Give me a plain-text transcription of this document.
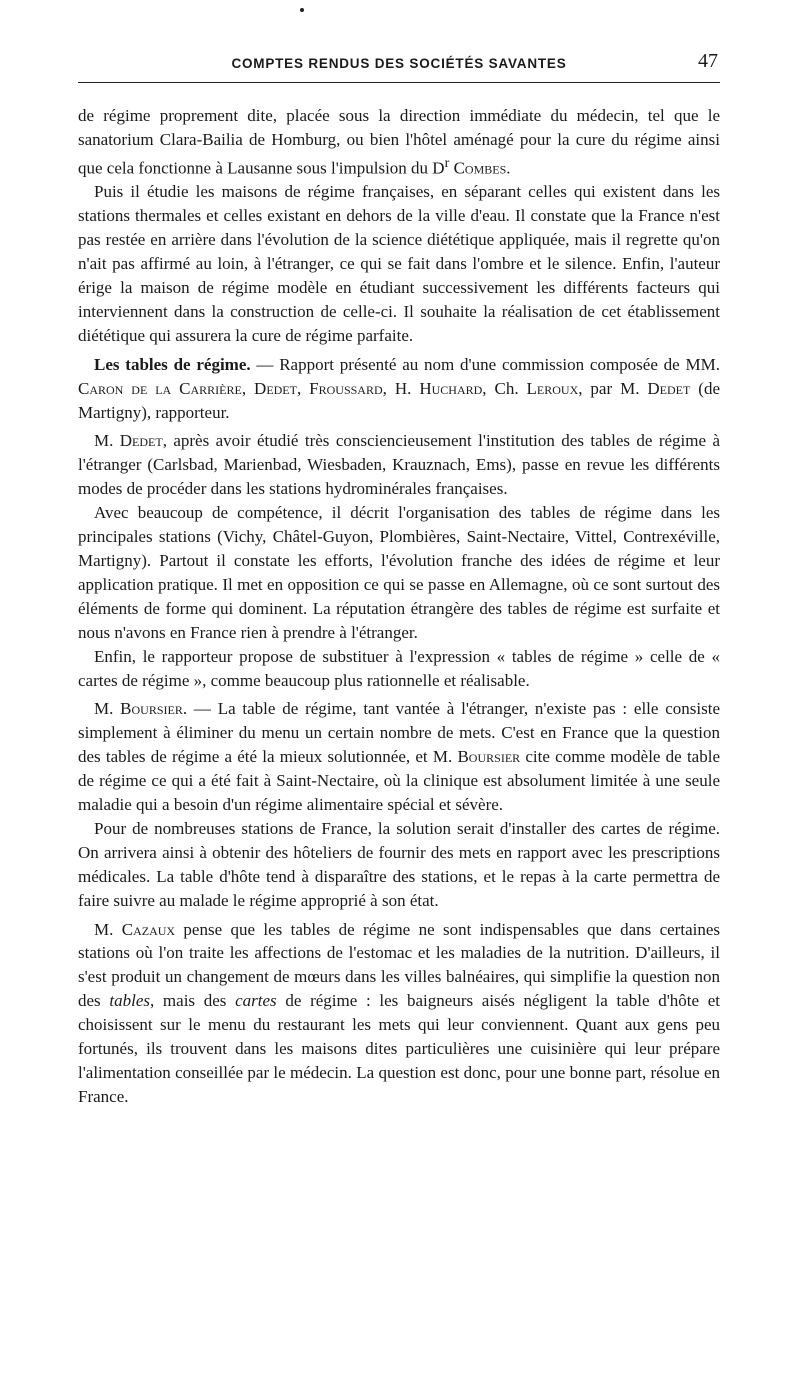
COMPTES RENDUS DES SOCIÉTÉS SAVANTES	47

de régime proprement dite, placée sous la direction immédiate du médecin, tel que le sanatorium Clara-Bailia de Homburg, ou bien l'hôtel aménagé pour la cure du régime ainsi que cela fonctionne à Lausanne sous l'impulsion du $D^r$ Combes.

Puis il étudie les maisons de régime françaises, en séparant celles qui existent dans les stations thermales et celles existant en dehors de la ville d'eau. Il constate que la France n'est pas restée en arrière dans l'évolution de la science diététique appliquée, mais il regrette qu'on n'ait pas affirmé au loin, à l'étranger, ce qui se fait dans l'ombre et le silence. Enfin, l'auteur érige la maison de régime modèle en étudiant successivement les différents facteurs qui interviennent dans la construction de celle-ci. Il souhaite la réalisation de cet établissement diététique qui assurera la cure de régime parfaite.

Les tables de régime. — Rapport présenté au nom d'une commission composée de MM. Caron de la Carrière, Dedet, Froussard, H. Huchard, Ch. Leroux, par M. Dedet (de Martigny), rapporteur.

M. Dedet, après avoir étudié très consciencieusement l'institution des tables de régime à l'étranger (Carlsbad, Marienbad, Wiesbaden, Krauznach, Ems), passe en revue les différents modes de procéder dans les stations hydrominérales françaises.

Avec beaucoup de compétence, il décrit l'organisation des tables de régime dans les principales stations (Vichy, Châtel-Guyon, Plombières, Saint-Nectaire, Vittel, Contrexéville, Martigny). Partout il constate les efforts, l'évolution franche des idées de régime et leur application pratique. Il met en opposition ce qui se passe en Allemagne, où ce sont surtout des éléments de forme qui dominent. La réputation étrangère des tables de régime est surfaite et nous n'avons en France rien à prendre à l'étranger.

Enfin, le rapporteur propose de substituer à l'expression « tables de régime » celle de « cartes de régime », comme beaucoup plus rationnelle et réalisable.

M. Boursier. — La table de régime, tant vantée à l'étranger, n'existe pas : elle consiste simplement à éliminer du menu un certain nombre de mets. C'est en France que la question des tables de régime a été la mieux solutionnée, et M. Boursier cite comme modèle de table de régime ce qui a été fait à Saint-Nectaire, où la clinique est absolument limitée à une seule maladie qui a besoin d'un régime alimentaire spécial et sévère.

Pour de nombreuses stations de France, la solution serait d'installer des cartes de régime. On arrivera ainsi à obtenir des hôteliers de fournir des mets en rapport avec les prescriptions médicales. La table d'hôte tend à disparaître des stations, et le repas à la carte permettra de faire suivre au malade le régime approprié à son état.

M. Cazaux pense que les tables de régime ne sont indispensables que dans certaines stations où l'on traite les affections de l'estomac et les maladies de la nutrition. D'ailleurs, il s'est produit un changement de mœurs dans les villes balnéaires, qui simplifie la question non des tables, mais des cartes de régime : les baigneurs aisés négligent la table d'hôte et choisissent sur le menu du restaurant les mets qui leur conviennent. Quant aux gens peu fortunés, ils trouvent dans les maisons dites particulières une cuisinière qui leur prépare l'alimentation conseillée par le médecin. La question est donc, pour une bonne part, résolue en France.
